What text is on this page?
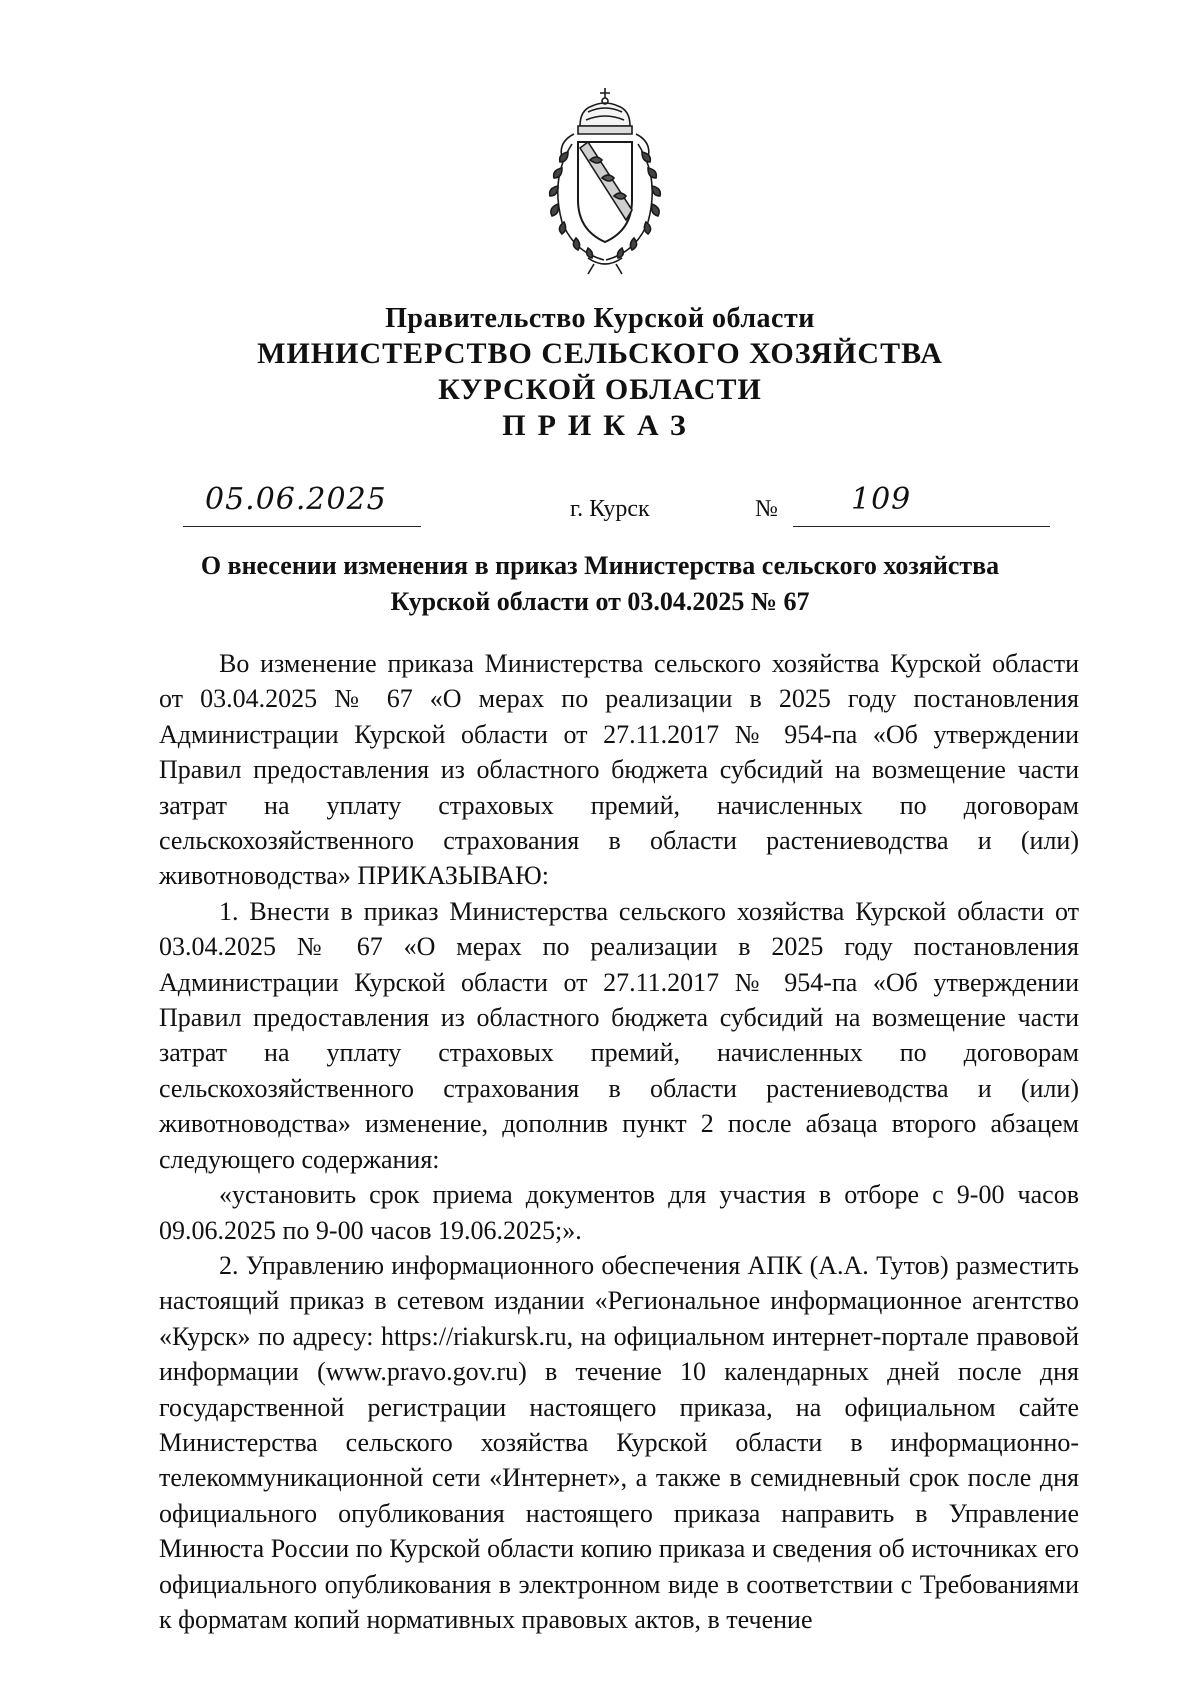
Правительство Курской области
МИНИСТЕРСТВО СЕЛЬСКОГО ХОЗЯЙСТВА
КУРСКОЙ ОБЛАСТИ
ПРИКАЗ
05.06.2025	г. Курск	№ 109
О внесении изменения в приказ Министерства сельского хозяйства
Курской области от 03.04.2025 № 67

Во изменение приказа Министерства сельского хозяйства Курской области от 03.04.2025 № 67 «О мерах по реализации в 2025 году постановления Администрации Курской области от 27.11.2017 № 954-па «Об утверждении Правил предоставления из областного бюджета субсидий на возмещение части затрат на уплату страховых премий, начисленных по договорам сельскохозяйственного страхования в области растениеводства и (или) животноводства» ПРИКАЗЫВАЮ:

1. Внести в приказ Министерства сельского хозяйства Курской области от 03.04.2025 № 67 «О мерах по реализации в 2025 году постановления Администрации Курской области от 27.11.2017 № 954-па «Об утверждении Правил предоставления из областного бюджета субсидий на возмещение части затрат на уплату страховых премий, начисленных по договорам сельскохозяйственного страхования в области растениеводства и (или) животноводства» изменение, дополнив пункт 2 после абзаца второго абзацем следующего содержания:

«установить срок приема документов для участия в отборе с 9-00 часов 09.06.2025 по 9-00 часов 19.06.2025;».

2. Управлению информационного обеспечения АПК (А.А. Тутов) разместить настоящий приказ в сетевом издании «Региональное информационное агентство «Курск» по адресу: https://riakursk.ru, на официальном интернет-портале правовой информации (www.pravo.gov.ru) в течение 10 календарных дней после дня государственной регистрации настоящего приказа, на официальном сайте Министерства сельского хозяйства Курской области в информационно-телекоммуникационной сети «Интернет», а также в семидневный срок после дня официального опубликования настоящего приказа направить в Управление Минюста России по Курской области копию приказа и сведения об источниках его официального опубликования в электронном виде в соответствии с Требованиями к форматам копий нормативных правовых актов, в течение
